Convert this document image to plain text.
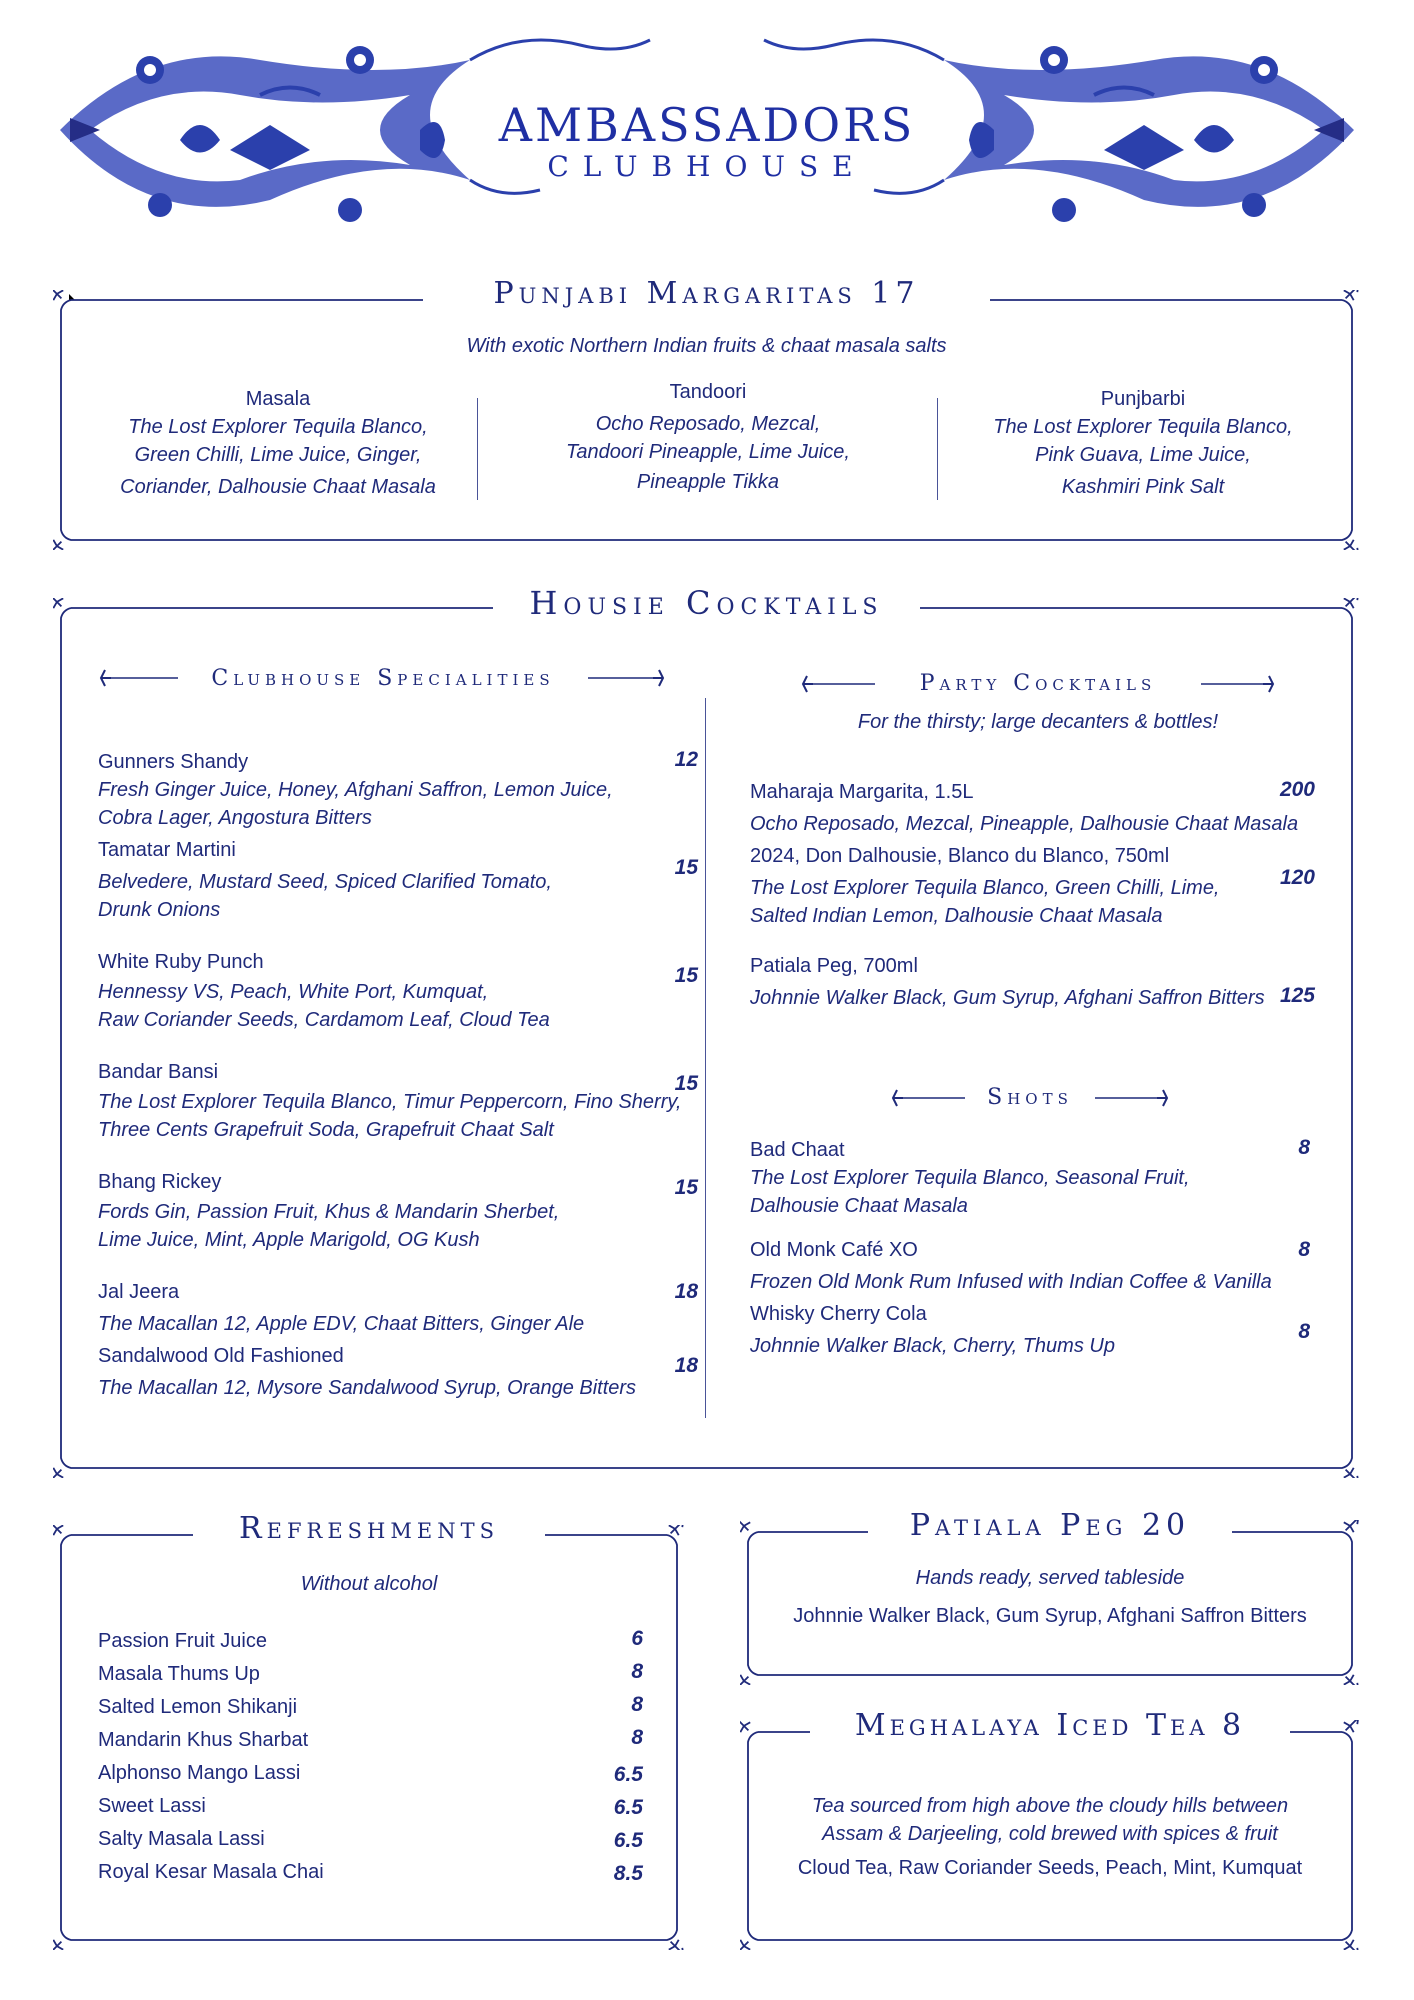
AMBASSADORS
CLUBHOUSE
Punjabi Margaritas 17
With exotic Northern Indian fruits & chaat masala salts
Masala
The Lost Explorer Tequila Blanco,
Green Chilli, Lime Juice, Ginger,
Coriander, Dalhousie Chaat Masala
Tandoori
Ocho Reposado, Mezcal,
Tandoori Pineapple, Lime Juice,
Pineapple Tikka
Punjbarbi
The Lost Explorer Tequila Blanco,
Pink Guava, Lime Juice,
Kashmiri Pink Salt
Housie Cocktails
Clubhouse Specialities	Party Cocktails
For the thirsty; large decanters & bottles!
Gunners Shandy
Fresh Ginger Juice, Honey, Afghani Saffron, Lemon Juice,
Cobra Lager, Angostura Bitters
12
Tamatar Martini
Belvedere, Mustard Seed, Spiced Clarified Tomato,
Drunk Onions
15
White Ruby Punch
Hennessy VS, Peach, White Port, Kumquat,
Raw Coriander Seeds, Cardamom Leaf, Cloud Tea
15
Bandar Bansi
The Lost Explorer Tequila Blanco, Timur Peppercorn, Fino Sherry,
Three Cents Grapefruit Soda, Grapefruit Chaat Salt
15
Bhang Rickey
Fords Gin, Passion Fruit, Khus & Mandarin Sherbet,
Lime Juice, Mint, Apple Marigold, OG Kush
15
Jal Jeera
The Macallan 12, Apple EDV, Chaat Bitters, Ginger Ale
18
Sandalwood Old Fashioned
The Macallan 12, Mysore Sandalwood Syrup, Orange Bitters
18
Maharaja Margarita, 1.5L
Ocho Reposado, Mezcal, Pineapple, Dalhousie Chaat Masala
200
2024, Don Dalhousie, Blanco du Blanco, 750ml
The Lost Explorer Tequila Blanco, Green Chilli, Lime,
Salted Indian Lemon, Dalhousie Chaat Masala
120
Patiala Peg, 700ml
Johnnie Walker Black, Gum Syrup, Afghani Saffron Bitters 125
Shots
Bad Chaat
The Lost Explorer Tequila Blanco, Seasonal Fruit,
Dalhousie Chaat Masala
8
Old Monk Café XO
Frozen Old Monk Rum Infused with Indian Coffee & Vanilla
8
Whisky Cherry Cola
Johnnie Walker Black, Cherry, Thums Up
8
Refreshments
Without alcohol
Passion Fruit Juice	6
Masala Thums Up	8
Salted Lemon Shikanji	8
Mandarin Khus Sharbat	8
Alphonso Mango Lassi	6.5
Sweet Lassi	6.5
Salty Masala Lassi	6.5
Royal Kesar Masala Chai	8.5
Patiala Peg 20
Hands ready, served tableside
Johnnie Walker Black, Gum Syrup, Afghani Saffron Bitters
Meghalaya Iced Tea 8
Tea sourced from high above the cloudy hills between
Assam & Darjeeling, cold brewed with spices & fruit
Cloud Tea, Raw Coriander Seeds, Peach, Mint, Kumquat
